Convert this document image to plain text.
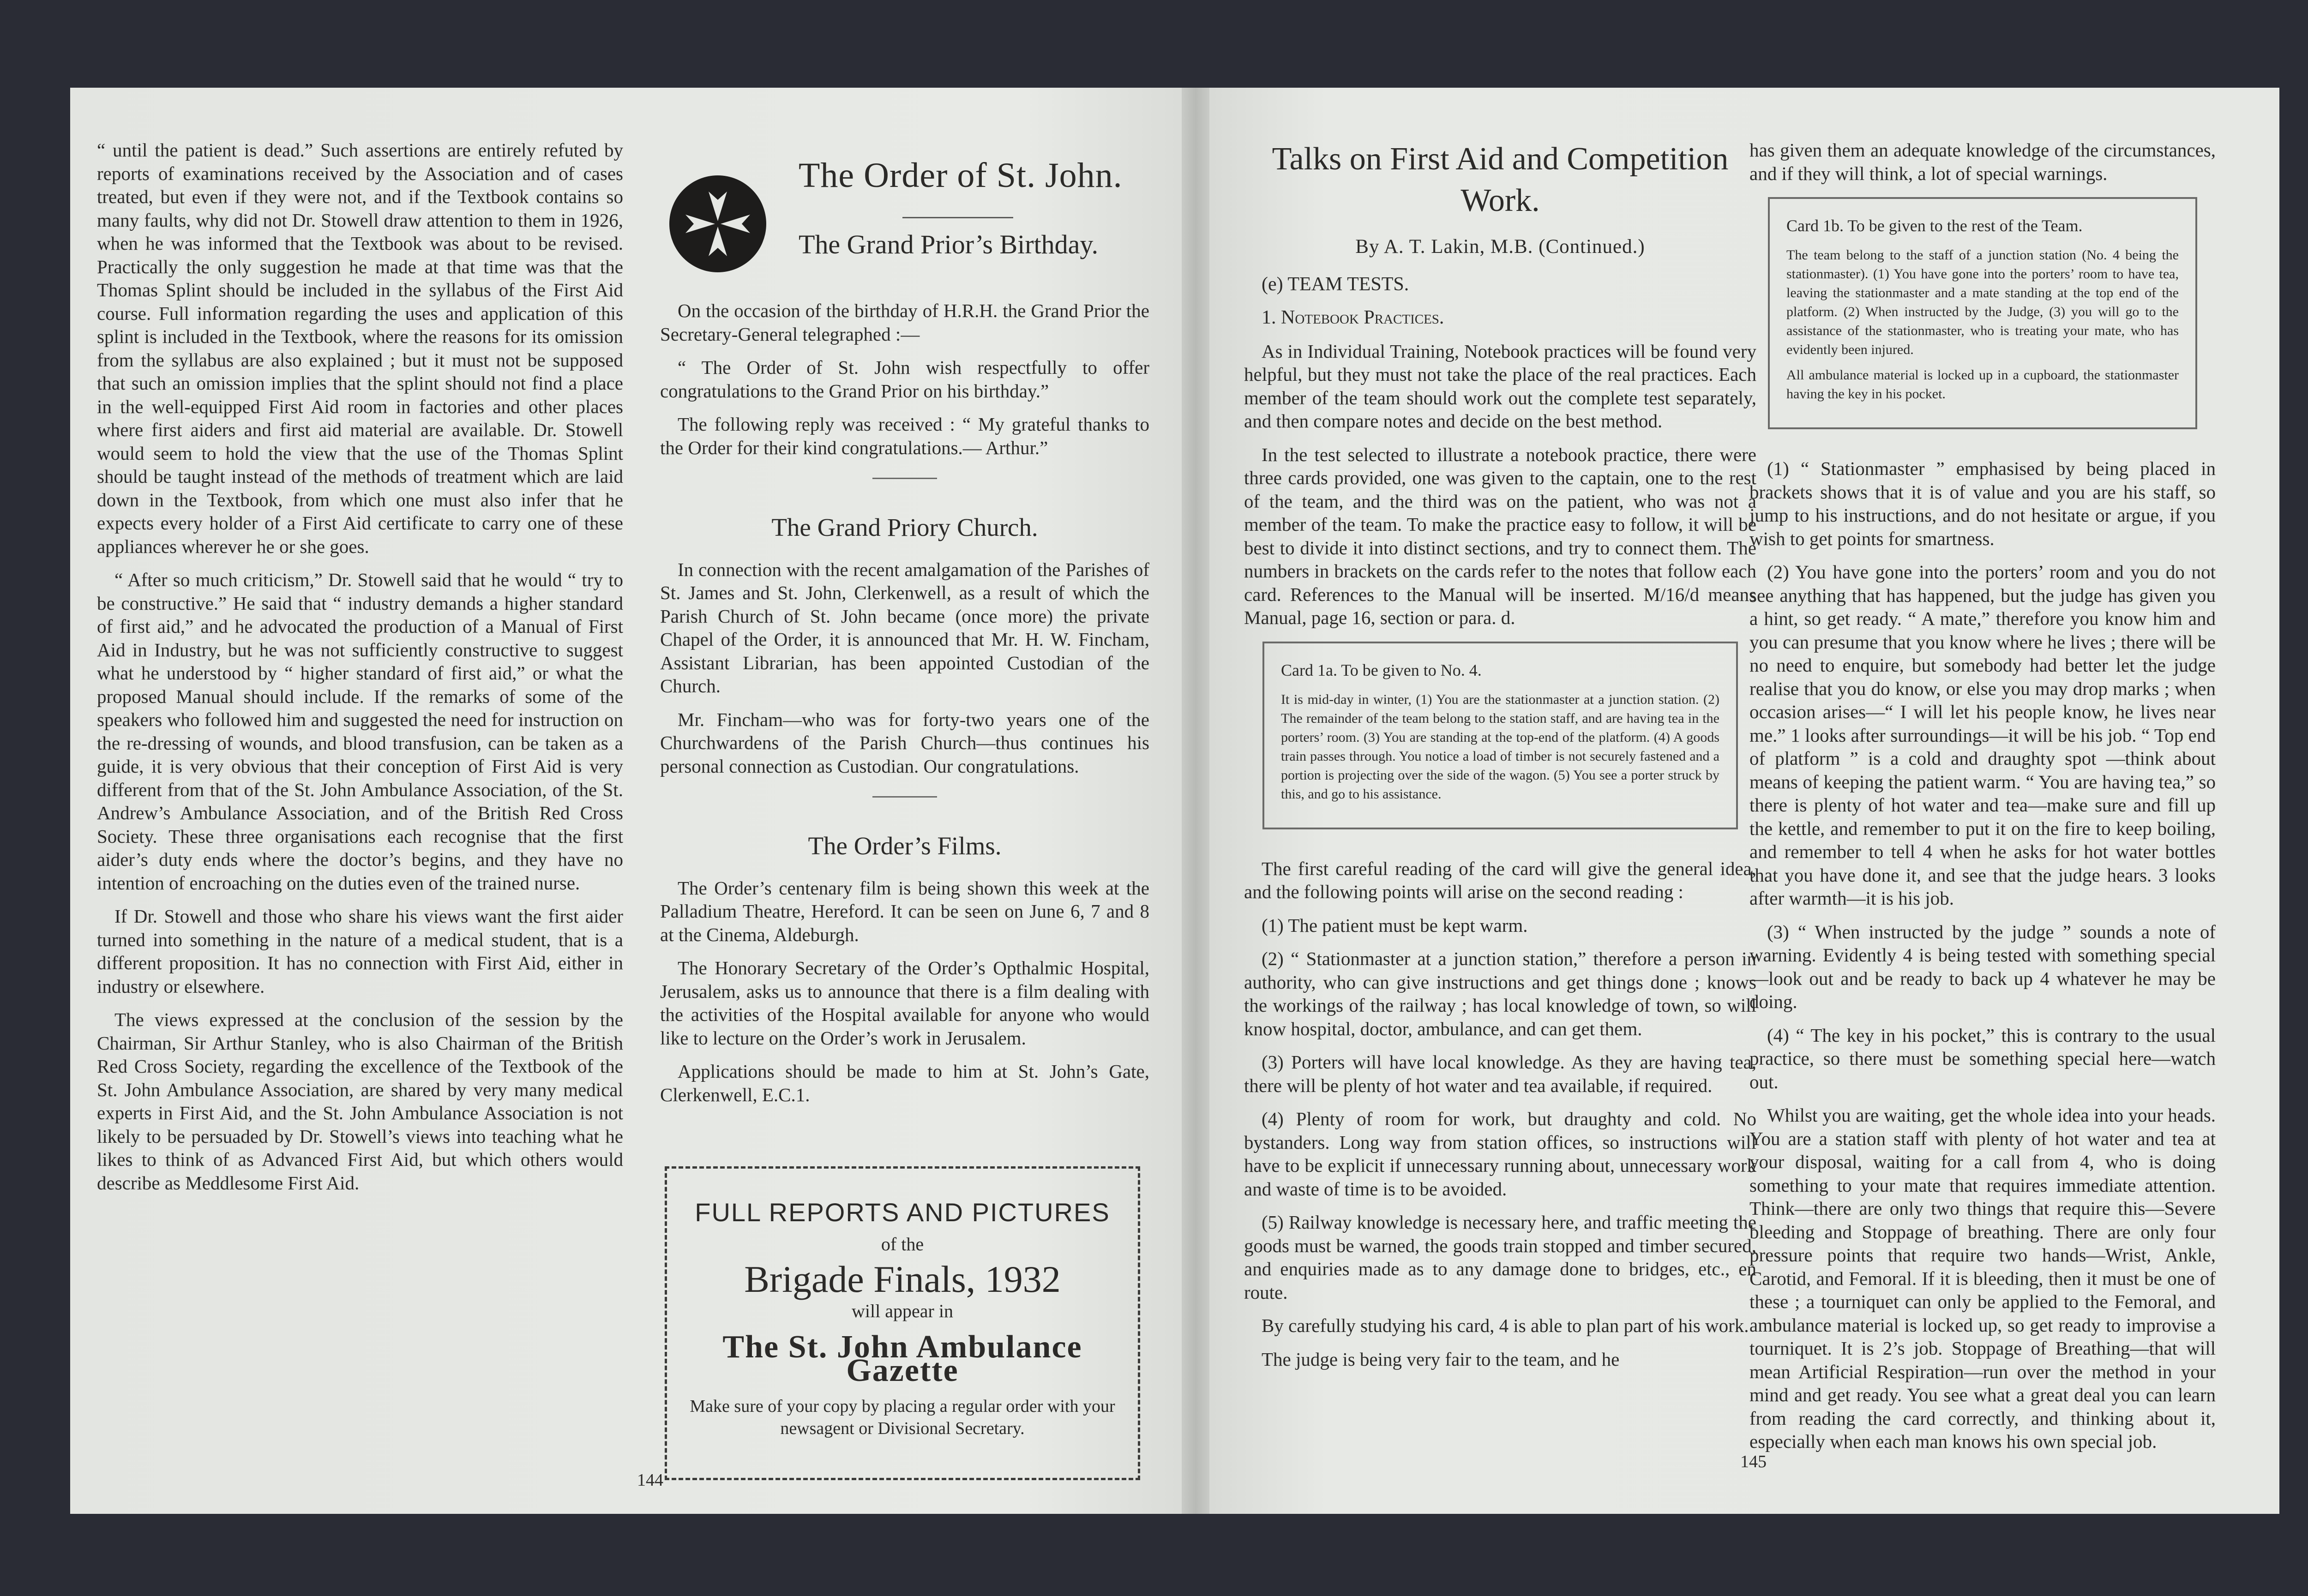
“ until the patient is dead.” Such assertions are entirely refuted by reports of examinations received by the Association and of cases treated, but even if they were not, and if the Textbook contains so many faults, why did not Dr. Stowell draw attention to them in 1926, when he was informed that the Textbook was about to be revised. Practically the only suggestion he made at that time was that the Thomas Splint should be included in the syllabus of the First Aid course. Full information regarding the uses and application of this splint is included in the Textbook, where the reasons for its omission from the syllabus are also explained ; but it must not be supposed that such an omission implies that the splint should not find a place in the well-equipped First Aid room in factories and other places where first aiders and first aid material are available. Dr. Stowell would seem to hold the view that the use of the Thomas Splint should be taught instead of the methods of treatment which are laid down in the Textbook, from which one must also infer that he expects every holder of a First Aid certificate to carry one of these appliances wherever he or she goes.

“ After so much criticism,” Dr. Stowell said that he would “ try to be constructive.” He said that “ industry demands a higher standard of first aid,” and he advocated the production of a Manual of First Aid in Industry, but he was not sufficiently constructive to suggest what he understood by “ higher standard of first aid,” or what the proposed Manual should include. If the remarks of some of the speakers who followed him and suggested the need for instruction on the re-dressing of wounds, and blood transfusion, can be taken as a guide, it is very obvious that their conception of First Aid is very different from that of the St. John Ambulance Association, of the St. Andrew’s Ambulance Association, and of the British Red Cross Society. These three organisations each recognise that the first aider’s duty ends where the doctor’s begins, and they have no intention of encroaching on the duties even of the trained nurse.

If Dr. Stowell and those who share his views want the first aider turned into something in the nature of a medical student, that is a different proposition. It has no connection with First Aid, either in industry or elsewhere.

The views expressed at the conclusion of the session by the Chairman, Sir Arthur Stanley, who is also Chairman of the British Red Cross Society, regarding the excellence of the Textbook of the St. John Ambulance Association, are shared by very many medical experts in First Aid, and the St. John Ambulance Association is not likely to be persuaded by Dr. Stowell’s views into teaching what he likes to think of as Advanced First Aid, but which others would describe as Meddlesome First Aid.

The Order of St. John.
The Grand Prior’s Birthday.

On the occasion of the birthday of H.R.H. the Grand Prior the Secretary-General telegraphed :—

“ The Order of St. John wish respectfully to offer congratulations to the Grand Prior on his birthday.”

The following reply was received : “ My grateful thanks to the Order for their kind congratulations.— Arthur.”

The Grand Priory Church.

In connection with the recent amalgamation of the Parishes of St. James and St. John, Clerkenwell, as a result of which the Parish Church of St. John became (once more) the private Chapel of the Order, it is announced that Mr. H. W. Fincham, Assistant Librarian, has been appointed Custodian of the Church.

Mr. Fincham—who was for forty-two years one of the Churchwardens of the Parish Church—thus continues his personal connection as Custodian. Our congratulations.

The Order’s Films.

The Order’s centenary film is being shown this week at the Palladium Theatre, Hereford. It can be seen on June 6, 7 and 8 at the Cinema, Aldeburgh.

The Honorary Secretary of the Order’s Opthalmic Hospital, Jerusalem, asks us to announce that there is a film dealing with the activities of the Hospital available for anyone who would like to lecture on the Order’s work in Jerusalem.

Applications should be made to him at St. John’s Gate, Clerkenwell, E.C.1.

FULL REPORTS AND PICTURES
of the
Brigade Finals, 1932
will appear in
The St. John Ambulance Gazette
Make sure of your copy by placing a regular order with your newsagent or Divisional Secretary.
144
Talks on First Aid and Competition Work.
By A. T. Lakin, M.B. (Continued.)

(e) TEAM TESTS.

1. Notebook Practices.

As in Individual Training, Notebook practices will be found very helpful, but they must not take the place of the real practices. Each member of the team should work out the complete test separately, and then compare notes and decide on the best method.

In the test selected to illustrate a notebook practice, there were three cards provided, one was given to the captain, one to the rest of the team, and the third was on the patient, who was not a member of the team. To make the practice easy to follow, it will be best to divide it into distinct sections, and try to connect them. The numbers in brackets on the cards refer to the notes that follow each card. References to the Manual will be inserted. M/16/d means Manual, page 16, section or para. d.

Card 1a. To be given to No. 4.

It is mid-day in winter, (1) You are the stationmaster at a junction station. (2) The remainder of the team belong to the station staff, and are having tea in the porters’ room. (3) You are standing at the top-end of the platform. (4) A goods train passes through. You notice a load of timber is not securely fastened and a portion is projecting over the side of the wagon. (5) You see a porter struck by this, and go to his assistance.

The first careful reading of the card will give the general idea, and the following points will arise on the second reading :

(1) The patient must be kept warm.

(2) “ Stationmaster at a junction station,” therefore a person in authority, who can give instructions and get things done ; knows the workings of the railway ; has local knowledge of town, so will know hospital, doctor, ambulance, and can get them.

(3) Porters will have local knowledge. As they are having tea, there will be plenty of hot water and tea available, if required.

(4) Plenty of room for work, but draughty and cold. No bystanders. Long way from station offices, so instructions will have to be explicit if unnecessary running about, unnecessary work and waste of time is to be avoided.

(5) Railway knowledge is necessary here, and traffic meeting the goods must be warned, the goods train stopped and timber secured, and enquiries made as to any damage done to bridges, etc., en route.

By carefully studying his card, 4 is able to plan part of his work.

The judge is being very fair to the team, and he

has given them an adequate knowledge of the circumstances, and if they will think, a lot of special warnings.

Card 1b. To be given to the rest of the Team.

The team belong to the staff of a junction station (No. 4 being the stationmaster). (1) You have gone into the porters’ room to have tea, leaving the stationmaster and a mate standing at the top end of the platform. (2) When instructed by the Judge, (3) you will go to the assistance of the stationmaster, who is treating your mate, who has evidently been injured.

All ambulance material is locked up in a cupboard, the stationmaster having the key in his pocket.

(1) “ Stationmaster ” emphasised by being placed in brackets shows that it is of value and you are his staff, so jump to his instructions, and do not hesitate or argue, if you wish to get points for smartness.

(2) You have gone into the porters’ room and you do not see anything that has happened, but the judge has given you a hint, so get ready. “ A mate,” therefore you know him and you can presume that you know where he lives ; there will be no need to enquire, but somebody had better let the judge realise that you do know, or else you may drop marks ; when occasion arises—“ I will let his people know, he lives near me.” 1 looks after surroundings—it will be his job. “ Top end of platform ” is a cold and draughty spot —think about means of keeping the patient warm. “ You are having tea,” so there is plenty of hot water and tea—make sure and fill up the kettle, and remember to put it on the fire to keep boiling, and remember to tell 4 when he asks for hot water bottles that you have done it, and see that the judge hears. 3 looks after warmth—it is his job.

(3) “ When instructed by the judge ” sounds a note of warning. Evidently 4 is being tested with something special—look out and be ready to back up 4 whatever he may be doing.

(4) “ The key in his pocket,” this is contrary to the usual practice, so there must be something special here—watch out.

Whilst you are waiting, get the whole idea into your heads. You are a station staff with plenty of hot water and tea at your disposal, waiting for a call from 4, who is doing something to your mate that requires immediate attention. Think—there are only two things that require this—Severe bleeding and Stoppage of breathing. There are only four pressure points that require two hands—Wrist, Ankle, Carotid, and Femoral. If it is bleeding, then it must be one of these ; a tourniquet can only be applied to the Femoral, and ambulance material is locked up, so get ready to improvise a tourniquet. It is 2’s job. Stoppage of Breathing—that will mean Artificial Respiration—run over the method in your mind and get ready. You see what a great deal you can learn from reading the card correctly, and thinking about it, especially when each man knows his own special job.

145
